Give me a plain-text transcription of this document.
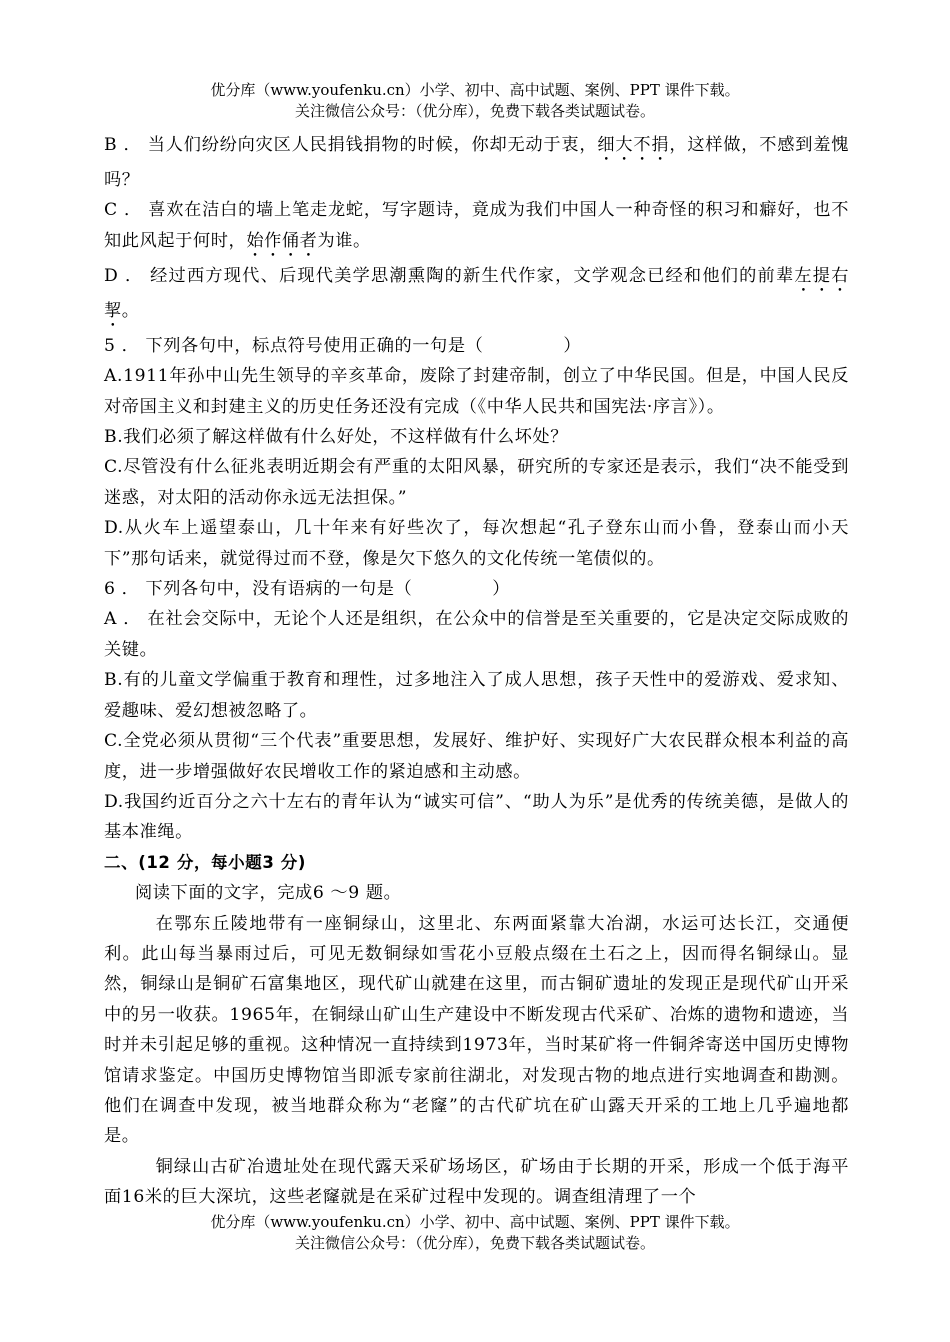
优分库（www.youfenku.cn）小学、初中、高中试题、案例、PPT 课件下载。
关注微信公众号：（优分库），免费下载各类试题试卷。

B ． 当人们纷纷向灾区人民捐钱捐物的时候，你却无动于衷，细大不捐，这样做，不感到羞愧吗？

C ． 喜欢在洁白的墙上笔走龙蛇，写字题诗，竟成为我们中国人一种奇怪的积习和癖好，也不知此风起于何时，始作俑者为谁。

D ． 经过西方现代、后现代美学思潮熏陶的新生代作家，文学观念已经和他们的前辈左提右挈。

5 ． 下列各句中，标点符号使用正确的一句是（	）

A.1911年孙中山先生领导的辛亥革命，废除了封建帝制，创立了中华民国。但是，中国人民反对帝国主义和封建主义的历史任务还没有完成（《中华人民共和国宪法·序言》）。

B.我们必须了解这样做有什么好处，不这样做有什么坏处？

C.尽管没有什么征兆表明近期会有严重的太阳风暴，研究所的专家还是表示，我们“决不能受到迷惑，对太阳的活动你永远无法担保。”

D.从火车上遥望泰山，几十年来有好些次了，每次想起“孔子登东山而小鲁，登泰山而小天下”那句话来，就觉得过而不登，像是欠下悠久的文化传统一笔债似的。

6 ． 下列各句中，没有语病的一句是（	）

A ． 在社会交际中，无论个人还是组织，在公众中的信誉是至关重要的，它是决定交际成败的关键。

B.有的儿童文学偏重于教育和理性，过多地注入了成人思想，孩子天性中的爱游戏、爱求知、爱趣味、爱幻想被忽略了。

C.全党必须从贯彻“三个代表”重要思想，发展好、维护好、实现好广大农民群众根本利益的高度，进一步增强做好农民增收工作的紧迫感和主动感。

D.我国约近百分之六十左右的青年认为“诚实可信”、“助人为乐”是优秀的传统美德，是做人的基本准绳。

二、(12 分，每小题3 分)

阅读下面的文字，完成6 ～9 题。

在鄂东丘陵地带有一座铜绿山，这里北、东两面紧靠大冶湖，水运可达长江，交通便利。此山每当暴雨过后，可见无数铜绿如雪花小豆般点缀在土石之上，因而得名铜绿山。显然，铜绿山是铜矿石富集地区，现代矿山就建在这里，而古铜矿遗址的发现正是现代矿山开采中的另一收获。1965年，在铜绿山矿山生产建设中不断发现古代采矿、冶炼的遗物和遗迹，当时并未引起足够的重视。这种情况一直持续到1973年，当时某矿将一件铜斧寄送中国历史博物馆请求鉴定。中国历史博物馆当即派专家前往湖北，对发现古物的地点进行实地调查和勘测。他们在调查中发现，被当地群众称为“老窿”的古代矿坑在矿山露天开采的工地上几乎遍地都是。

铜绿山古矿冶遗址处在现代露天采矿场场区，矿场由于长期的开采，形成一个低于海平面16米的巨大深坑，这些老窿就是在采矿过程中发现的。调查组清理了一个

优分库（www.youfenku.cn）小学、初中、高中试题、案例、PPT 课件下载。
关注微信公众号：（优分库），免费下载各类试题试卷。
